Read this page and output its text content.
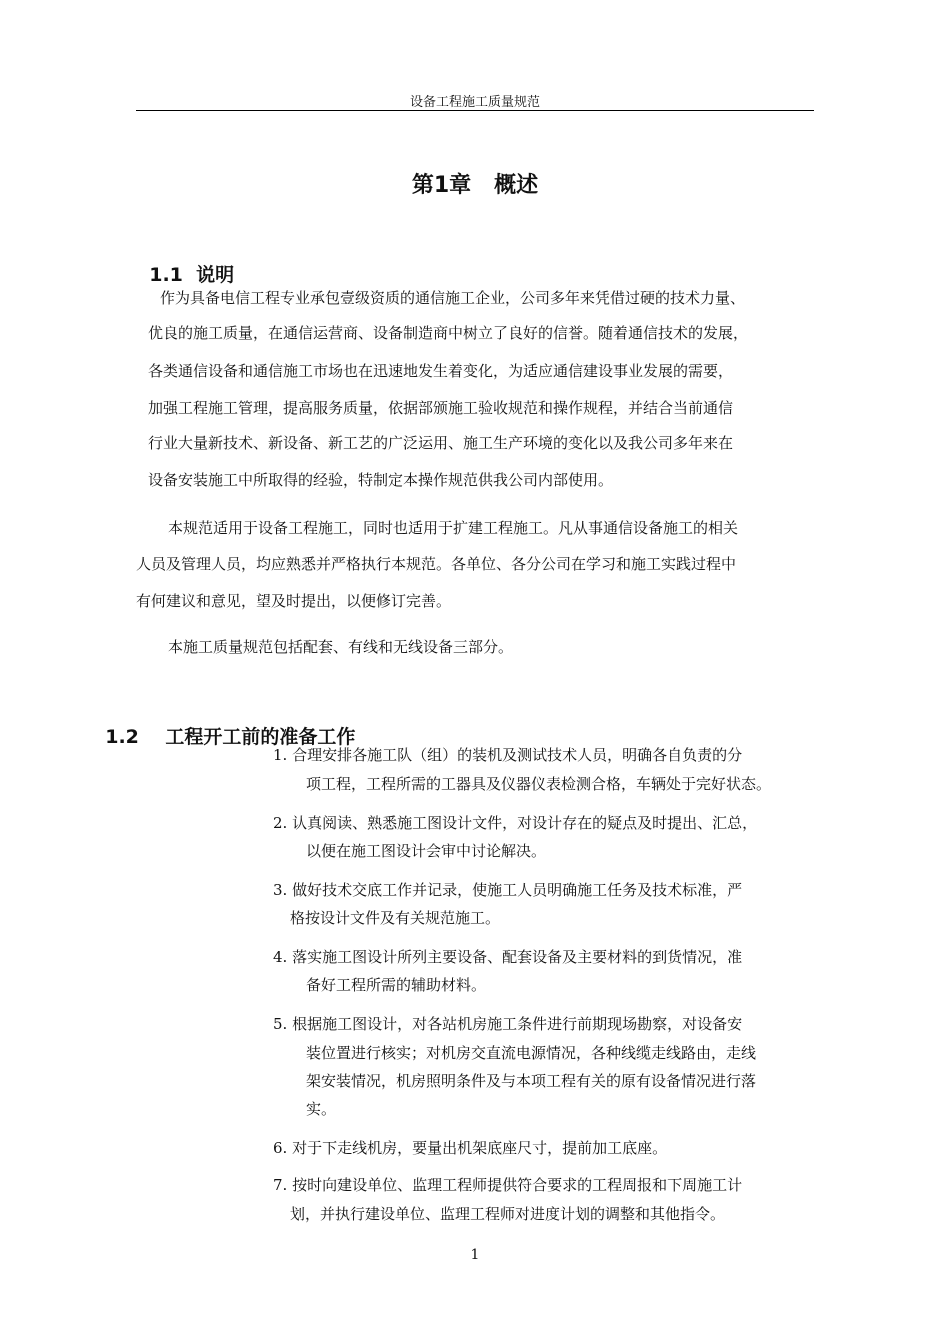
设备工程施工质量规范
第1章   概述

1.1 说明

作为具备电信工程专业承包壹级资质的通信施工企业，公司多年来凭借过硬的技术力量、
优良的施工质量，在通信运营商、设备制造商中树立了良好的信誉。随着通信技术的发展，
各类通信设备和通信施工市场也在迅速地发生着变化，为适应通信建设事业发展的需要，
加强工程施工管理，提高服务质量，依据部颁施工验收规范和操作规程，并结合当前通信
行业大量新技术、新设备、新工艺的广泛运用、施工生产环境的变化以及我公司多年来在
设备安装施工中所取得的经验，特制定本操作规范供我公司内部使用。
本规范适用于设备工程施工，同时也适用于扩建工程施工。凡从事通信设备施工的相关
人员及管理人员，均应熟悉并严格执行本规范。各单位、各分公司在学习和施工实践过程中
有何建议和意见，望及时提出，以便修订完善。
本施工质量规范包括配套、有线和无线设备三部分。

1.2 工程开工前的准备工作

1. 合理安排各施工队（组）的装机及测试技术人员，明确各自负责的分
项工程，工程所需的工器具及仪器仪表检测合格，车辆处于完好状态。
2. 认真阅读、熟悉施工图设计文件，对设计存在的疑点及时提出、汇总，
以便在施工图设计会审中讨论解决。
3. 做好技术交底工作并记录，使施工人员明确施工任务及技术标准，严
格按设计文件及有关规范施工。
4. 落实施工图设计所列主要设备、配套设备及主要材料的到货情况，准
备好工程所需的辅助材料。
5. 根据施工图设计，对各站机房施工条件进行前期现场勘察，对设备安
装位置进行核实；对机房交直流电源情况，各种线缆走线路由，走线
架安装情况，机房照明条件及与本项工程有关的原有设备情况进行落
实。
6. 对于下走线机房，要量出机架底座尺寸，提前加工底座。
7. 按时向建设单位、监理工程师提供符合要求的工程周报和下周施工计
划，并执行建设单位、监理工程师对进度计划的调整和其他指令。
1
